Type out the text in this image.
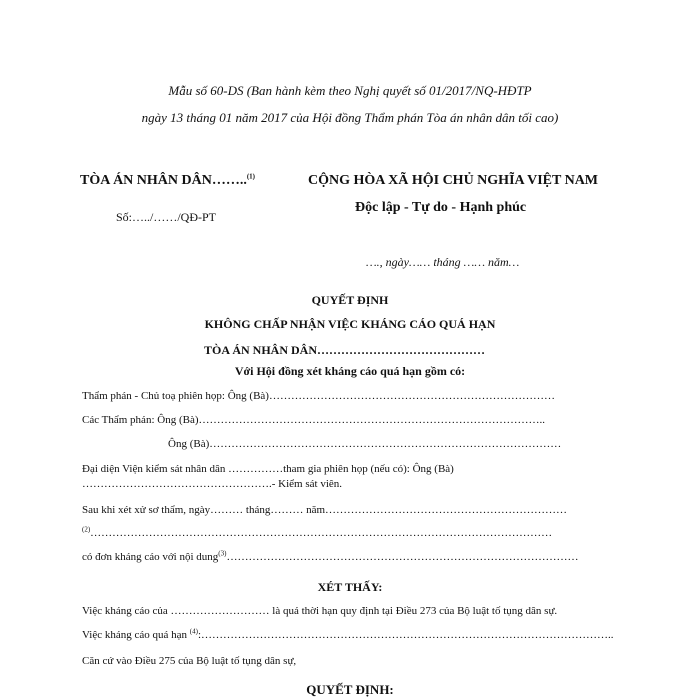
Mẫu số 60-DS (Ban hành kèm theo Nghị quyết số 01/2017/NQ-HĐTP
ngày 13 tháng 01 năm 2017 của Hội đồng Thẩm phán Tòa án nhân dân tối cao)
TÒA ÁN NHÂN DÂN……..$^{(1)}$
Số:…../……/QĐ-PT
CỘNG HÒA XÃ HỘI CHỦ NGHĨA VIỆT NAM
Độc lập - Tự do - Hạnh phúc
…., ngày…… tháng …… năm…
QUYẾT ĐỊNH
KHÔNG CHẤP NHẬN VIỆC KHÁNG CÁO QUÁ HẠN
TÒA ÁN NHÂN DÂN……………………………………
Với Hội đồng xét kháng cáo quá hạn gồm có:
Thẩm phán - Chủ toạ phiên họp: Ông (Bà)……………………………………………………………………
Các Thẩm phán: Ông (Bà)…………………………………………………………………………………..
Ông (Bà)……………………………………………………………………………………
Đại diện Viện kiểm sát nhân dân ……………tham gia phiên họp (nếu có): Ông (Bà)
…………………………………………….- Kiểm sát viên.
Sau khi xét xử sơ thẩm, ngày……… tháng……… năm…………………………………………………………
$^{(2)}$………………………………………………………………………………………………………………
có đơn kháng cáo với nội dung$^{(3)}$……………………………………………………………………………………
XÉT THẤY:
Việc kháng cáo của ……………………… là quá thời hạn quy định tại Điều 273 của Bộ luật tố tụng dân sự.
Việc kháng cáo quá hạn $^{(4)}$:…………………………………………………………………………………………………..
Căn cứ vào Điều 275 của Bộ luật tố tụng dân sự,
QUYẾT ĐỊNH:
